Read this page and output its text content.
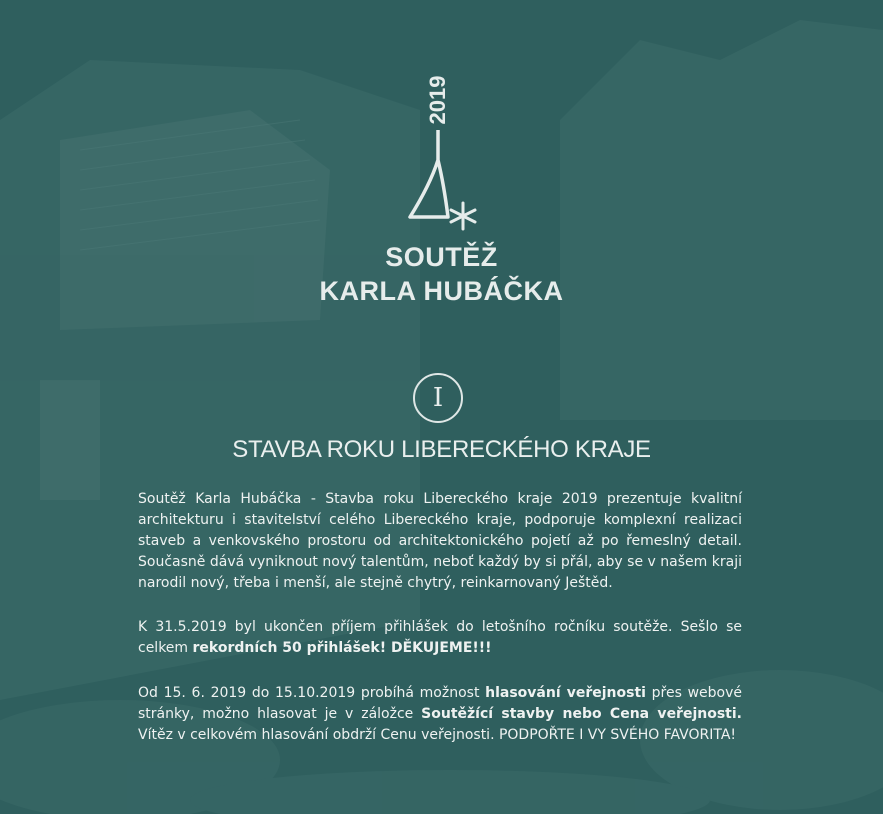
2019
SOUTĚŽ
KARLA HUBÁČKA
I
STAVBA ROKU LIBERECKÉHO KRAJE

Soutěž Karla Hubáčka - Stavba roku Libereckého kraje 2019 prezentuje kvalitní architekturu i stavitelství celého Libereckého kraje, podporuje komplexní realizaci staveb a venkovského prostoru od architektonického pojetí až po řemeslný detail. Současně dává vyniknout nový talentům, neboť každý by si přál, aby se v našem kraji narodil nový, třeba i menší, ale stejně chytrý, reinkarnovaný Ještěd.

K 31.5.2019 byl ukončen příjem přihlášek do letošního ročníku soutěže. Sešlo se celkem rekordních 50 přihlášek! DĚKUJEME!!!

Od 15. 6. 2019 do 15.10.2019 probíhá možnost hlasování veřejnosti přes webové stránky, možno hlasovat je v záložce Soutěžící stavby nebo Cena veřejnosti. Vítěz v celkovém hlasování obdrží Cenu veřejnosti. PODPOŘTE I VY SVÉHO FAVORITA!
